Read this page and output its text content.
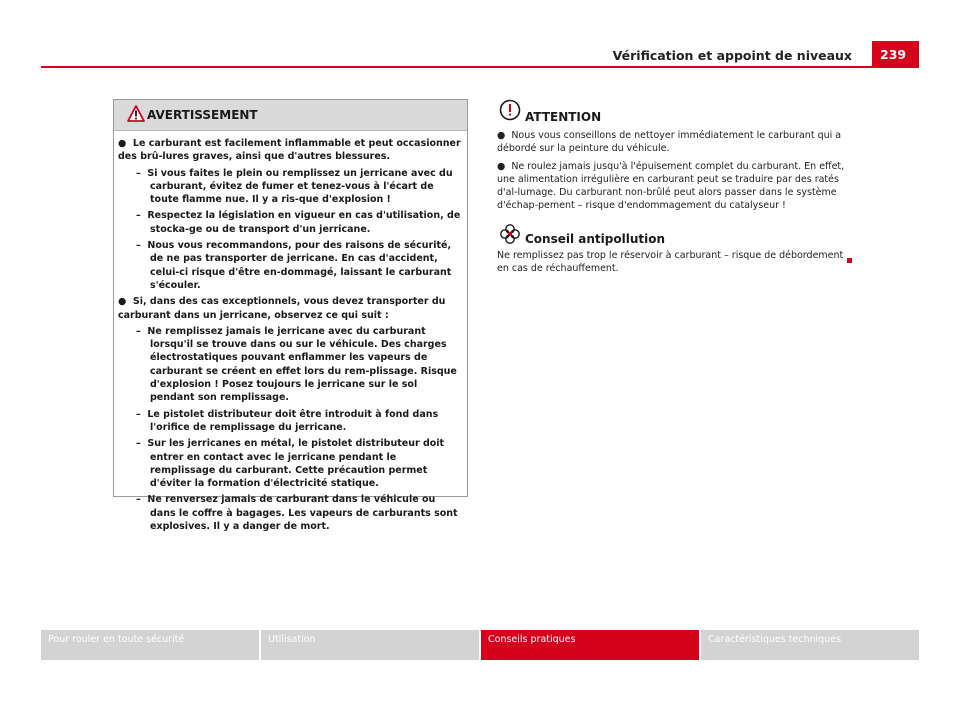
Vérification et appoint de niveaux	239
AVERTISSEMENT

●  Le carburant est facilement inflammable et peut occasionner des brû-lures graves, ainsi que d'autres blessures.

–  Si vous faites le plein ou remplissez un jerricane avec du carburant, évitez de fumer et tenez-vous à l'écart de toute flamme nue. Il y a ris-que d'explosion !

–  Respectez la législation en vigueur en cas d'utilisation, de stocka-ge ou de transport d'un jerricane.

–  Nous vous recommandons, pour des raisons de sécurité, de ne pas transporter de jerricane. En cas d'accident, celui-ci risque d'être en-dommagé, laissant le carburant s'écouler.

●  Si, dans des cas exceptionnels, vous devez transporter du carburant dans un jerricane, observez ce qui suit :

–  Ne remplissez jamais le jerricane avec du carburant lorsqu'il se trouve dans ou sur le véhicule. Des charges électrostatiques pouvant enflammer les vapeurs de carburant se créent en effet lors du rem-plissage. Risque d'explosion ! Posez toujours le jerricane sur le sol pendant son remplissage.

–  Le pistolet distributeur doit être introduit à fond dans l'orifice de remplissage du jerricane.

–  Sur les jerricanes en métal, le pistolet distributeur doit entrer en contact avec le jerricane pendant le remplissage du carburant. Cette précaution permet d'éviter la formation d'électricité statique.

–  Ne renversez jamais de carburant dans le véhicule ou dans le coffre à bagages. Les vapeurs de carburants sont explosives. Il y a danger de mort.

ATTENTION

●  Nous vous conseillons de nettoyer immédiatement le carburant qui a débordé sur la peinture du véhicule.

●  Ne roulez jamais jusqu'à l'épuisement complet du carburant. En effet, une alimentation irrégulière en carburant peut se traduire par des ratés d'al-lumage. Du carburant non-brûlé peut alors passer dans le système d'échap-pement – risque d'endommagement du catalyseur !

Conseil antipollution

Ne remplissez pas trop le réservoir à carburant – risque de débordement en cas de réchauffement.

Pour rouler en toute sécurité	Utilisation	Conseils pratiques	Caractéristiques techniques
